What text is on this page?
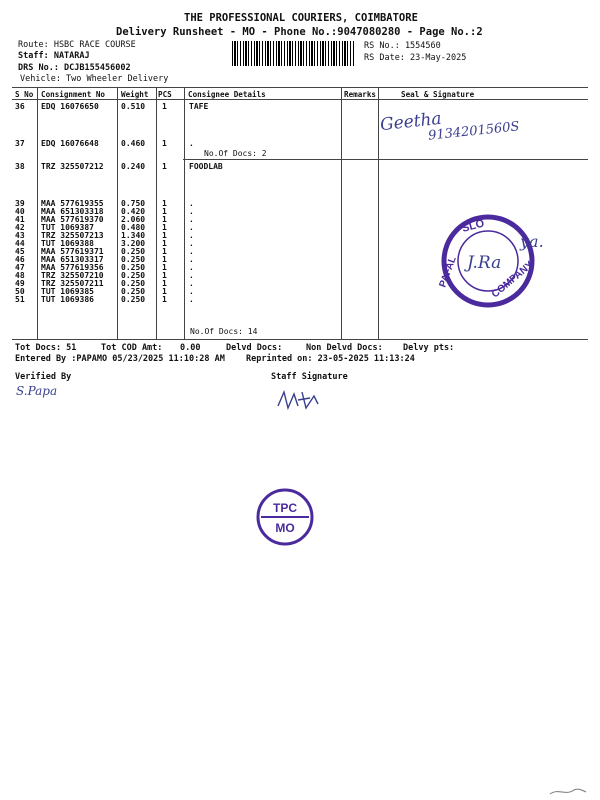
THE PROFESSIONAL COURIERS, COIMBATORE
Delivery Runsheet - MO - Phone No.:9047080280 - Page No.:2
Route: HSBC RACE COURSE
Staff: NATARAJ
DRS No.: DCJB155456002
Vehicle: Two Wheeler Delivery
RS No.: 1554560
RS Date: 23-May-2025
S No Consignment No Weight PCS Consignee Details	Remarks	Seal & Signature
36 EDQ 16076650	0.510 1	TAFE
37 EDQ 16076648	0.460 1	.
38 TRZ 325507212 0.240 1	FOODLAB
39 MAA 577619355 0.750 1	.
40 MAA 651303318 0.420 1	.
41 MAA 577619370 2.060 1	.
42 TUT 1069387	0.480 1	.
43 TRZ 325507213 1.340 1	.
44 TUT 1069388	3.200 1	.
45 MAA 577619371 0.250 1	.
46 MAA 651303317 0.250 1	.
47 MAA 577619356 0.250 1	.
48 TRZ 325507210 0.250 1	.
49 TRZ 325507211 0.250 1	.
50 TUT 1069385	0.250 1	.
51 TUT 1069386	0.250 1	.
No.Of Docs: 2
No.Of Docs: 14
Tot Docs: 51	Tot COD Amt: 0.00	Delvd Docs:	Non Delvd Docs: Delvy pts:
Entered By :PAPAMO 05/23/2025 11:10:28 AM Reprinted on: 23-05-2025 11:13:24
Verified By	Staff Signature
Geetha
9134201560S
S.Papa
SLO
PAFAL	COMPANY
J.Ra
ya.
TPC
MO
